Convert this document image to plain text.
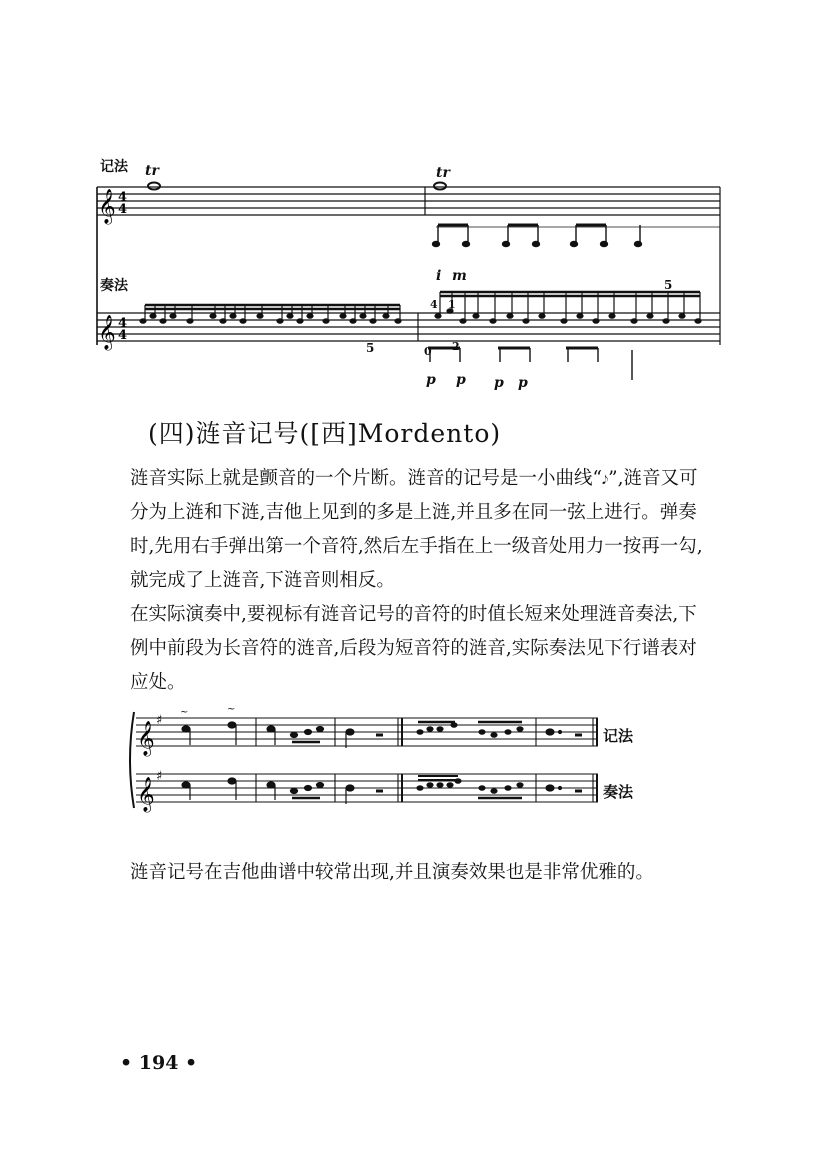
𝄞 4
4
𝄞 4
4
记法 tr	tr
奏法
i m
5
5
4 1
0 2
p p p p
(四)涟音记号([西]Mordento)

涟音实际上就是颤音的一个片断。涟音的记号是一小曲线“𝆕”,涟音又可分为上涟和下涟,吉他上见到的多是上涟,并且多在同一弦上进行。弹奏时,先用右手弹出第一个音符,然后左手指在上一级音处用力一按再一勾,就完成了上涟音,下涟音则相反。

在实际演奏中,要视标有涟音记号的音符的时值长短来处理涟音奏法,下例中前段为长音符的涟音,后段为短音符的涟音,实际奏法见下行谱表对应处。

𝄞
𝄞
♯
♯
~	~
记法
奏法

涟音记号在吉他曲谱中较常出现,并且演奏效果也是非常优雅的。

• 194 •
